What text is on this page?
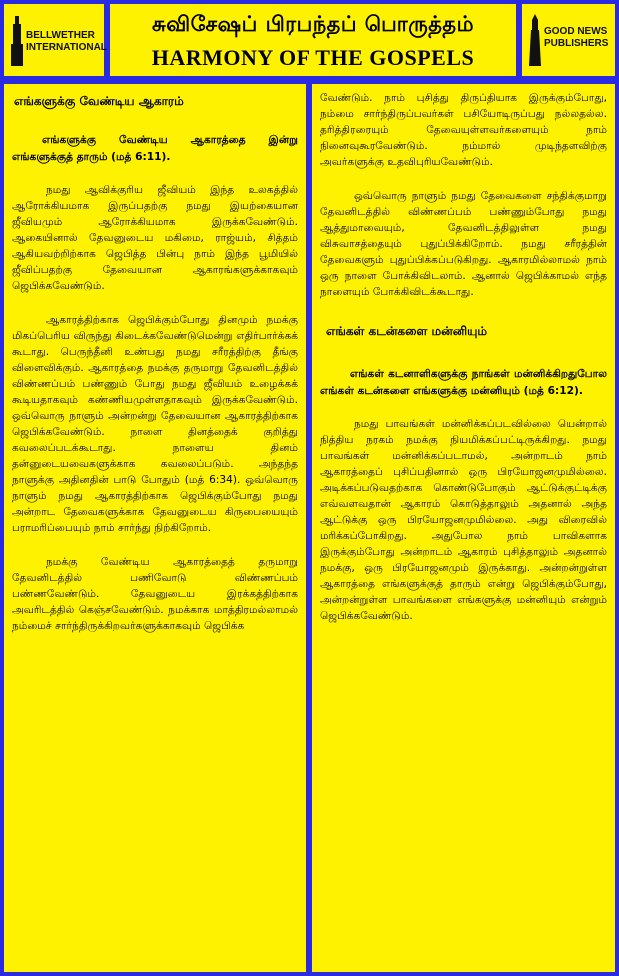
BELLWETHER INTERNATIONAL
சுவிசேஷப் பிரபந்தப் பொருத்தம்
HARMONY OF THE GOSPELS
GOOD NEWS PUBLISHERS
எங்களுக்கு வேண்டிய ஆகாரம்

எங்களுக்கு வேண்டிய ஆகாரத்தை இன்று எங்களுக்குத் தாரும் (மத் 6:11).

நமது ஆவிக்குரிய ஜீவியம் இந்த உலகத்தில் ஆரோக்கியமாக இருப்பதற்கு நமது இயற்கையான ஜீவியமும் ஆரோக்கியமாக இருக்கவேண்டும். ஆகையினால் தேவனுடைய மகிமை, ராஜ்யம், சித்தம் ஆகியவற்றிற்காக ஜெபித்த பின்பு நாம் இந்த பூமியில் ஜீவிப்பதற்கு தேவையான ஆகாரங்களுக்காகவும் ஜெபிக்கவேண்டும்.

ஆகாரத்திற்காக ஜெபிக்கும்போது தினமும் நமக்கு மிகப்பெரிய விருந்து கிடைக்கவேண்டுமென்று எதிர்பார்க்கக் கூடாது. பெருந்தீனி உண்பது நமது சரீரத்திற்கு தீங்கு விளைவிக்கும். ஆகாரத்தை நமக்கு தருமாறு தேவனிடத்தில் விண்ணப்பம் பண்ணும் போது நமது ஜீவியம் உழைக்கக் கூடியதாகவும் கண்ணியமுள்ளதாகவும் இருக்கவேண்டும். ஒவ்வொரு நாளும் அன்றன்று தேவையான ஆகாரத்திற்காக ஜெபிக்கவேண்டும். நாளை தினத்தைக் குறித்து கவலைப்படக்கூடாது. நாளைய தினம் தன்னுடையவைகளுக்காக கவலைப்படும். அந்தந்த நாளுக்கு அதினதின் பாடு போதும் (மத் 6:34). ஒவ்வொரு நாளும் நமது ஆகாரத்திற்காக ஜெபிக்கும்போது நமது அன்றாட தேவைகளுக்காக தேவனுடைய கிருபையையும் பராமரிப்பையும் நாம் சார்ந்து நிற்கிறோம்.

நமக்கு வேண்டிய ஆகாரத்தைத் தருமாறு தேவனிடத்தில் பணிவோடு விண்ணப்பம் பண்ணவேண்டும். தேவனுடைய இரக்கத்திற்காக அவரிடத்தில் கெஞ்சவேண்டும். நமக்காக மாத்திரமல்லாமல் நம்மைச் சார்ந்திருக்கிறவர்களுக்காகவும் ஜெபிக்க

வேண்டும். நாம் புசித்து திருப்தியாக இருக்கும்போது, நம்மை சார்ந்திருப்பவர்கள் பசியோடிருப்பது நல்லதல்ல. தரித்திரரையும் தேவையுள்ளவர்களையும் நாம் நினைவுகூரவேண்டும். நம்மால் முடிந்தளவிற்கு அவர்களுக்கு உதவிபுரியவேண்டும்.

ஒவ்வொரு நாளும் நமது தேவைகளை சந்திக்குமாறு தேவனிடத்தில் விண்ணப்பம் பண்ணும்போது நமது ஆத்துமாவையும், தேவனிடத்திலுள்ள நமது விசுவாசத்தையும் புதுப்பிக்கிறோம். நமது சரீரத்தின் தேவைகளும் புதுப்பிக்கப்படுகிறது. ஆகாரமில்லாமல் நாம் ஒரு நாளை போக்கிவிடலாம். ஆனால் ஜெபிக்காமல் எந்த நாளையும் போக்கிவிடக்கூடாது.

எங்கள் கடன்களை மன்னியும்

எங்கள் கடனாளிகளுக்கு நாங்கள் மன்னிக்கிறதுபோல எங்கள் கடன்களை எங்களுக்கு மன்னியும் (மத் 6:12).

நமது பாவங்கள் மன்னிக்கப்படவில்லை யென்றால் நித்திய நரகம் நமக்கு நியமிக்கப்பட்டிருக்கிறது. நமது பாவங்கள் மன்னிக்கப்படாமல், அன்றாடம் நாம் ஆகாரத்தைப் புசிப்பதினால் ஒரு பிரயோஜனமுமில்லை. அடிக்கப்படுவதற்காக கொண்டுபோகும் ஆட்டுக்குட்டிக்கு எவ்வளவதான் ஆகாரம் கொடுத்தாலும் அதனால் அந்த ஆட்டுக்கு ஒரு பிரயோஜனமுமில்லை. அது விரைவில் மரிக்கப்போகிறது. அதுபோல நாம் பாவிகளாக இருக்கும்போது அன்றாடம் ஆகாரம் புசித்தாலும் அதனால் நமக்கு, ஒரு பிரயோஜனமும் இருக்காது. அன்றன்றுள்ள ஆகாரத்தை எங்களுக்குத் தாரும் என்று ஜெபிக்கும்போது, அன்றன்றுள்ள பாவங்களை எங்களுக்கு மன்னியும் என்றும் ஜெபிக்கவேண்டும்.
